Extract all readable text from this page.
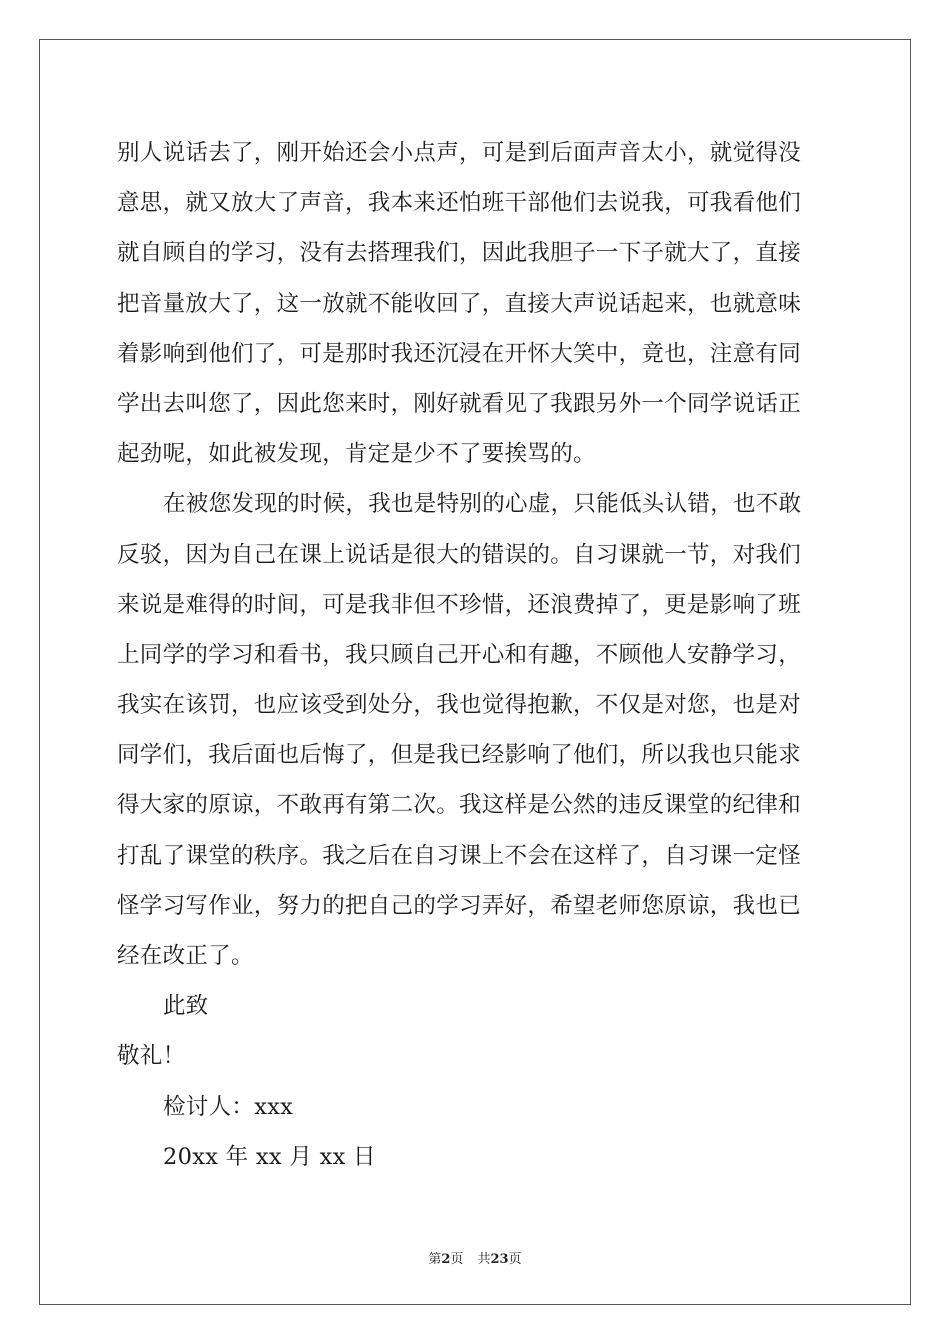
别人说话去了，刚开始还会小点声，可是到后面声音太小，就觉得没
意思，就又放大了声音，我本来还怕班干部他们去说我，可我看他们
就自顾自的学习，没有去搭理我们，因此我胆子一下子就大了，直接
把音量放大了，这一放就不能收回了，直接大声说话起来，也就意味
着影响到他们了，可是那时我还沉浸在开怀大笑中，竟也，注意有同
学出去叫您了，因此您来时，刚好就看见了我跟另外一个同学说话正
起劲呢，如此被发现，肯定是少不了要挨骂的。
在被您发现的时候，我也是特别的心虚，只能低头认错，也不敢
反驳，因为自己在课上说话是很大的错误的。自习课就一节，对我们
来说是难得的时间，可是我非但不珍惜，还浪费掉了，更是影响了班
上同学的学习和看书，我只顾自己开心和有趣，不顾他人安静学习，
我实在该罚，也应该受到处分，我也觉得抱歉，不仅是对您，也是对
同学们，我后面也后悔了，但是我已经影响了他们，所以我也只能求
得大家的原谅，不敢再有第二次。我这样是公然的违反课堂的纪律和
打乱了课堂的秩序。我之后在自习课上不会在这样了，自习课一定怪
怪学习写作业，努力的把自己的学习弄好，希望老师您原谅，我也已
经在改正了。
此致
敬礼！
检讨人：xxx
20xx 年 xx 月 xx 日
第2页 共23页
